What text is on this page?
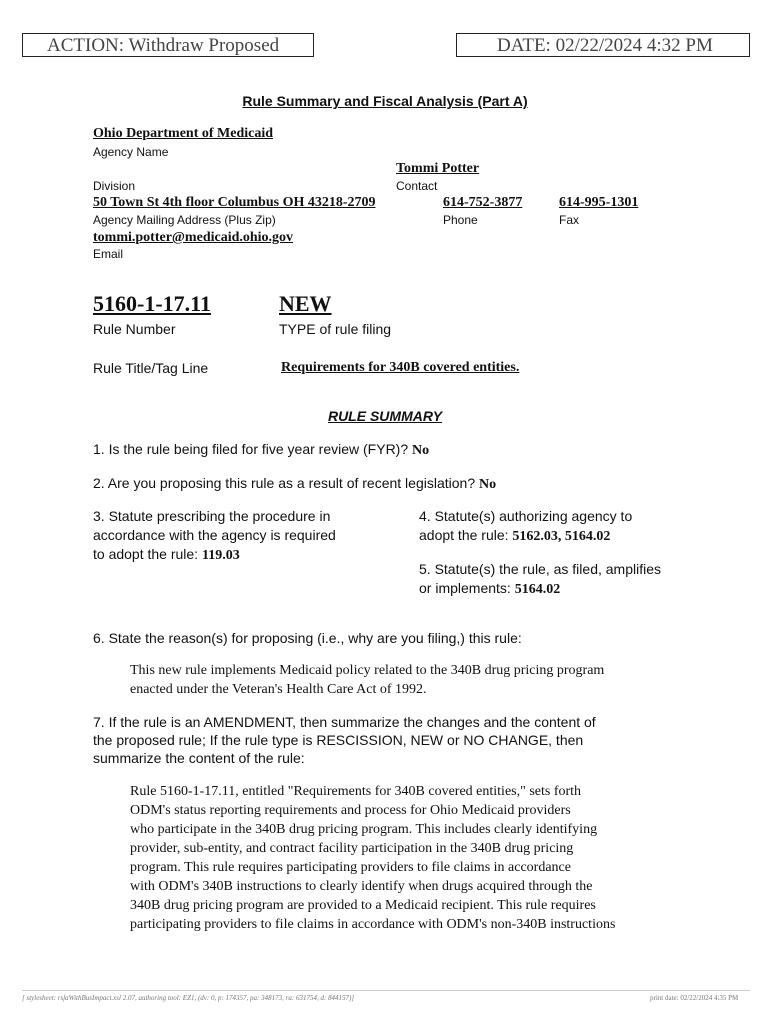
ACTION: Withdraw Proposed	DATE: 02/22/2024 4:32 PM
Rule Summary and Fiscal Analysis (Part A)
Ohio Department of Medicaid
Agency Name
Tommi Potter
Division	Contact
50 Town St 4th floor Columbus OH 43218-2709	614-752-3877	614-995-1301
Agency Mailing Address (Plus Zip)	Phone	Fax
tommi.potter@medicaid.ohio.gov
Email
5160-1-17.11	NEW
Rule Number	TYPE of rule filing
Rule Title/Tag Line	Requirements for 340B covered entities.
RULE SUMMARY
1. Is the rule being filed for five year review (FYR)? No
2. Are you proposing this rule as a result of recent legislation? No
3. Statute prescribing the procedure in
accordance with the agency is required
to adopt the rule: 119.03
4. Statute(s) authorizing agency to
adopt the rule: 5162.03, 5164.02
5. Statute(s) the rule, as filed, amplifies
or implements: 5164.02
6. State the reason(s) for proposing (i.e., why are you filing,) this rule:
This new rule implements Medicaid policy related to the 340B drug pricing program
enacted under the Veteran's Health Care Act of 1992.
7. If the rule is an AMENDMENT, then summarize the changes and the content of
the proposed rule; If the rule type is RESCISSION, NEW or NO CHANGE, then
summarize the content of the rule:
Rule 5160-1-17.11, entitled "Requirements for 340B covered entities," sets forth
ODM's status reporting requirements and process for Ohio Medicaid providers
who participate in the 340B drug pricing program. This includes clearly identifying
provider, sub-entity, and contract facility participation in the 340B drug pricing
program. This rule requires participating providers to file claims in accordance
with ODM's 340B instructions to clearly identify when drugs acquired through the
340B drug pricing program are provided to a Medicaid recipient. This rule requires
participating providers to file claims in accordance with ODM's non-340B instructions
[ stylesheet: rsfaWithBusImpact.xsl 2.07, authoring tool: EZ1, (dv: 0, p: 174357, pa: 348173, ra: 631754, d: 844157)]	print date: 02/22/2024 4:35 PM
